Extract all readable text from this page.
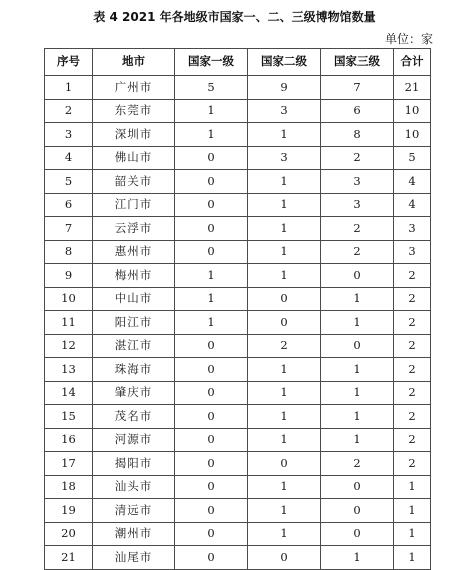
表 4 2021 年各地级市国家一、二、三级博物馆数量
单位：家
序号	地市	国家一级	国家二级	国家三级	合计
1	广州市	5	9	7	21
2	东莞市	1	3	6	10
3	深圳市	1	1	8	10
4	佛山市	0	3	2	5
5	韶关市	0	1	3	4
6	江门市	0	1	3	4
7	云浮市	0	1	2	3
8	惠州市	0	1	2	3
9	梅州市	1	1	0	2
10	中山市	1	0	1	2
11	阳江市	1	0	1	2
12	湛江市	0	2	0	2
13	珠海市	0	1	1	2
14	肇庆市	0	1	1	2
15	茂名市	0	1	1	2
16	河源市	0	1	1	2
17	揭阳市	0	0	2	2
18	汕头市	0	1	0	1
19	清远市	0	1	0	1
20	潮州市	0	1	0	1
21	汕尾市	0	0	1	1
